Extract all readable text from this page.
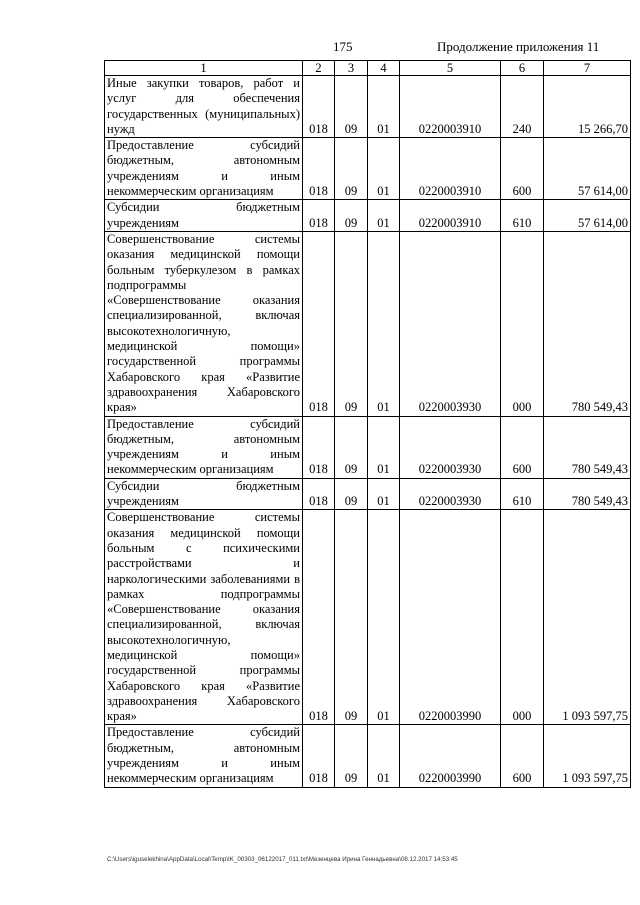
175	Продолжение приложения 11
1	2	3	4	5	6	7
Иные закупки товаров, работ и услуг для обеспечения государственных (муниципальных) нужд	018	09	01	0220003910	240	15 266,70
Предоставление субсидий бюджетным, автономным учреждениям и иным некоммерческим организациям	018	09	01	0220003910	600	57 614,00
Субсидии бюджетным учреждениям	018	09	01	0220003910	610	57 614,00
Совершенствование системы оказания медицинской помощи больным туберкулезом в рамках подпрограммы «Совершенствование оказания специализированной, включая высокотехнологичную, медицинской помощи» государственной программы Хабаровского края «Развитие здравоохранения Хабаровского края»	018	09	01	0220003930	000	780 549,43
Предоставление субсидий бюджетным, автономным учреждениям и иным некоммерческим организациям	018	09	01	0220003930	600	780 549,43
Субсидии бюджетным учреждениям	018	09	01	0220003930	610	780 549,43
Совершенствование системы оказания медицинской помощи больным с психическими расстройствами и наркологическими заболеваниями в рамках подпрограммы «Совершенствование оказания специализированной, включая высокотехнологичную, медицинской помощи» государственной программы Хабаровского края «Развитие здравоохранения Хабаровского края»	018	09	01	0220003990	000	1 093 597,75
Предоставление субсидий бюджетным, автономным учреждениям и иным некоммерческим организациям	018	09	01	0220003990	600	1 093 597,75
C:\Users\iguselekhina\AppData\Local\Temp\IK_00303_06122017_011.txt\Мезенцева Ирина Геннадьевна\08.12.2017 14:53:45
